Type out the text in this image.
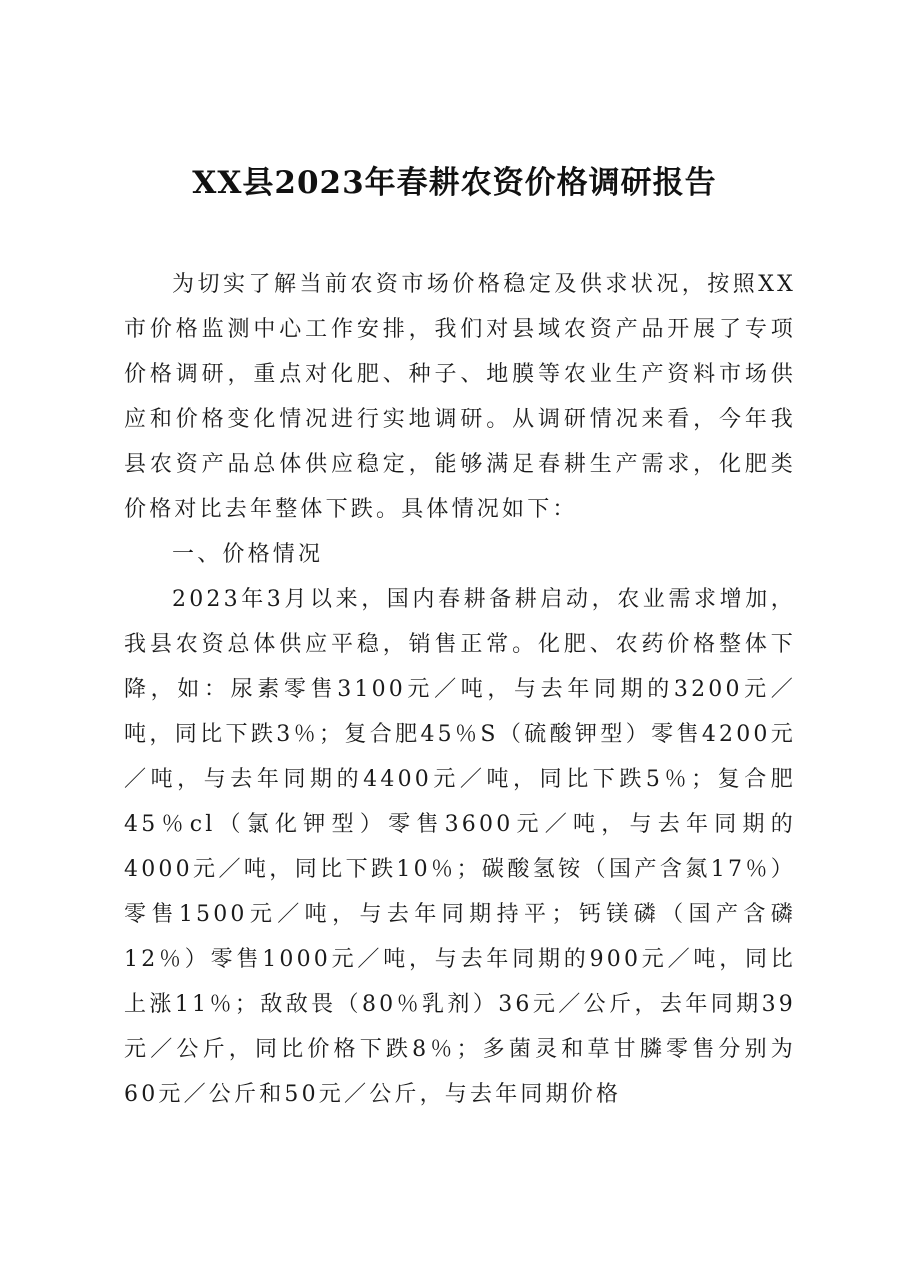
XX县2023年春耕农资价格调研报告

为切实了解当前农资市场价格稳定及供求状况，按照XX市价格监测中心工作安排，我们对县域农资产品开展了专项价格调研，重点对化肥、种子、地膜等农业生产资料市场供应和价格变化情况进行实地调研。从调研情况来看，今年我县农资产品总体供应稳定，能够满足春耕生产需求，化肥类价格对比去年整体下跌。具体情况如下：

一、价格情况

2023年3月以来，国内春耕备耕启动，农业需求增加，我县农资总体供应平稳，销售正常。化肥、农药价格整体下降，如：尿素零售3100元／吨，与去年同期的3200元／吨，同比下跌3％；复合肥45％S（硫酸钾型）零售4200元／吨，与去年同期的4400元／吨，同比下跌5％；复合肥45％cl（氯化钾型）零售3600元／吨，与去年同期的4000元／吨，同比下跌10％；碳酸氢铵（国产含氮17％）零售1500元／吨，与去年同期持平；钙镁磷（国产含磷12％）零售1000元／吨，与去年同期的900元／吨，同比上涨11％；敌敌畏（80％乳剂）36元／公斤，去年同期39元／公斤，同比价格下跌8％；多菌灵和草甘膦零售分别为60元／公斤和50元／公斤，与去年同期价格
